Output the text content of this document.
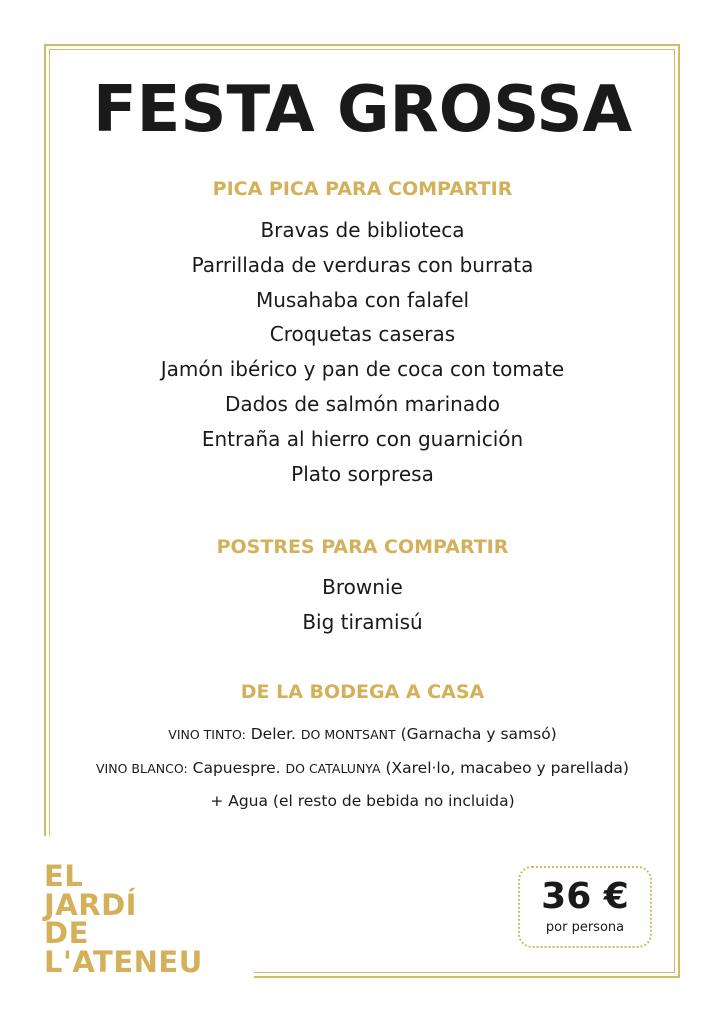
FESTA GROSSA
PICA PICA PARA COMPARTIR
Bravas de biblioteca
Parrillada de verduras con burrata
Musahaba con falafel
Croquetas caseras
Jamón ibérico y pan de coca con tomate
Dados de salmón marinado
Entraña al hierro con guarnición
Plato sorpresa
POSTRES PARA COMPARTIR
Brownie
Big tiramisú
DE LA BODEGA A CASA
VINO TINTO: Deler. DO MONTSANT (Garnacha y samsó)
VINO BLANCO: Capuespre. DO CATALUNYA (Xarel·lo, macabeo y parellada)
+ Agua (el resto de bebida no incluida)
EL
JARDÍ
DE
L'ATENEU
36 €
por persona
